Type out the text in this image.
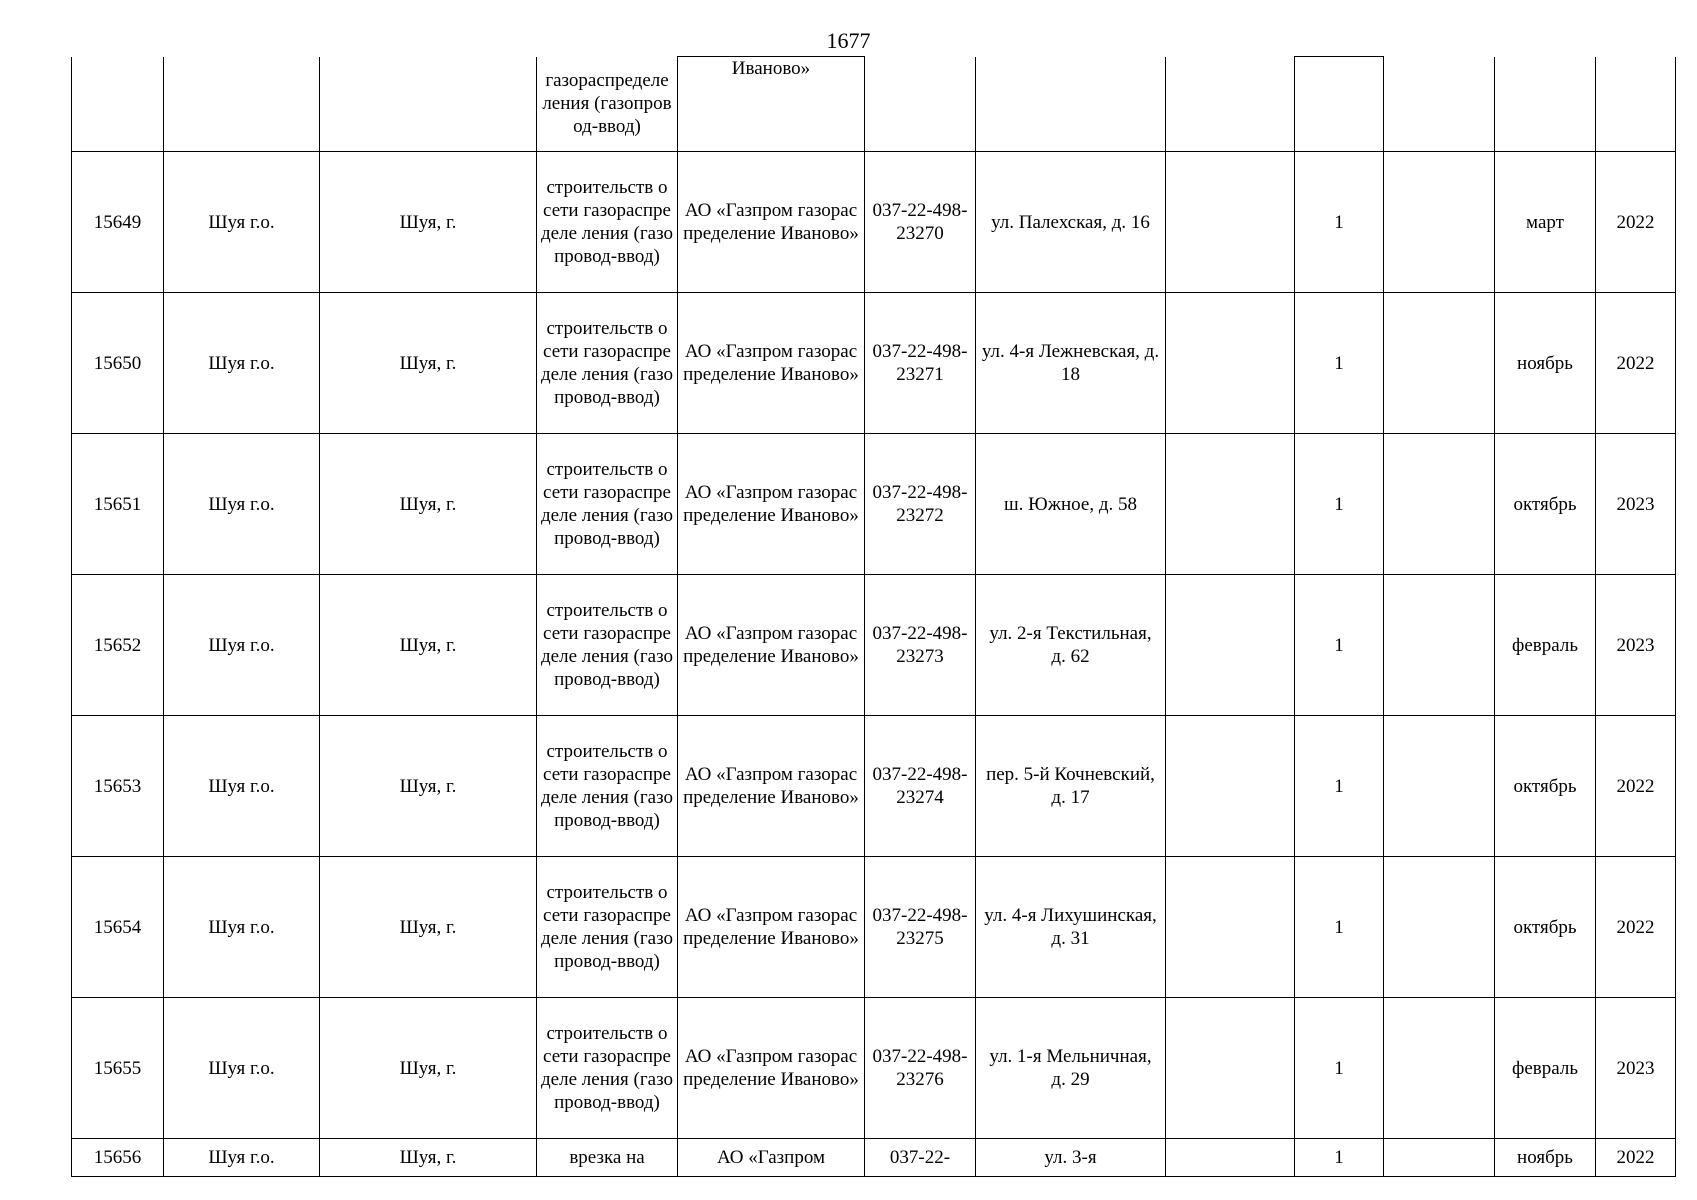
1677
			газораспределе ления (газопровод-ввод)	Иваново»							
15649	Шуя г.о.	Шуя, г.	строительств о сети газораспределе ления (газопровод-ввод)	АО «Газпром газораспределение Иваново»	037-22-498-23270	ул. Палехская, д. 16		1		март	2022
15650	Шуя г.о.	Шуя, г.	строительств о сети газораспределе ления (газопровод-ввод)	АО «Газпром газораспределение Иваново»	037-22-498-23271	ул. 4-я Лежневская, д. 18		1		ноябрь	2022
15651	Шуя г.о.	Шуя, г.	строительств о сети газораспределе ления (газопровод-ввод)	АО «Газпром газораспределение Иваново»	037-22-498-23272	ш. Южное, д. 58		1		октябрь	2023
15652	Шуя г.о.	Шуя, г.	строительств о сети газораспределе ления (газопровод-ввод)	АО «Газпром газораспределение Иваново»	037-22-498-23273	ул. 2-я Текстильная, д. 62		1		февраль	2023
15653	Шуя г.о.	Шуя, г.	строительств о сети газораспределе ления (газопровод-ввод)	АО «Газпром газораспределение Иваново»	037-22-498-23274	пер. 5-й Кочневский, д. 17		1		октябрь	2022
15654	Шуя г.о.	Шуя, г.	строительств о сети газораспределе ления (газопровод-ввод)	АО «Газпром газораспределение Иваново»	037-22-498-23275	ул. 4-я Лихушинская, д. 31		1		октябрь	2022
15655	Шуя г.о.	Шуя, г.	строительств о сети газораспределе ления (газопровод-ввод)	АО «Газпром газораспределение Иваново»	037-22-498-23276	ул. 1-я Мельничная, д. 29		1		февраль	2023
15656	Шуя г.о.	Шуя, г.	врезка на	АО «Газпром	037-22-	ул. 3-я		1		ноябрь	2022
